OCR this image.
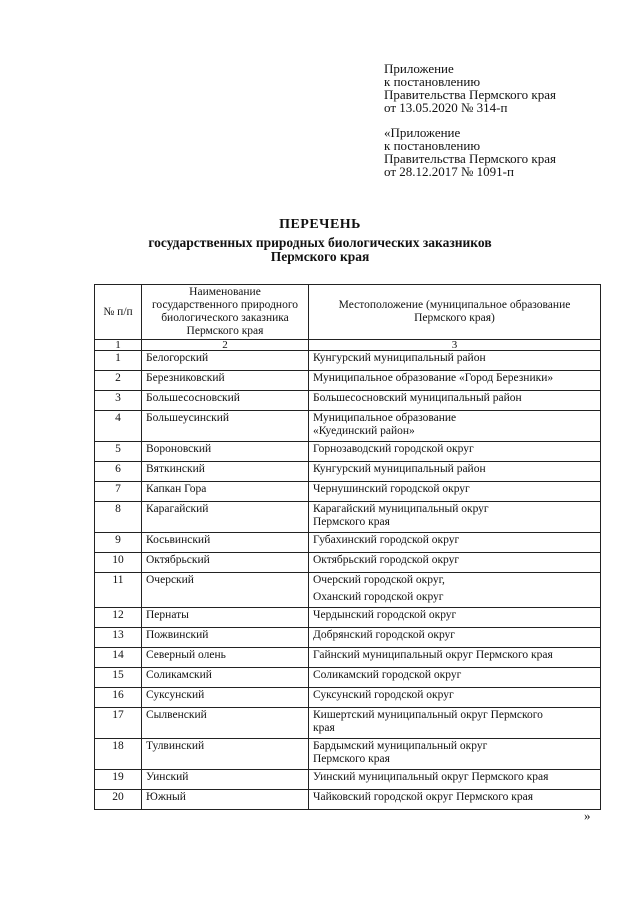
Приложение
к постановлению
Правительства Пермского края
от 13.05.2020 № 314-п
«Приложение
к постановлению
Правительства Пермского края
от 28.12.2017 № 1091-п
ПЕРЕЧЕНЬ
государственных природных биологических заказников
Пермского края
№ п/п	Наименование государственного природного биологического заказника Пермского края	Местоположение (муниципальное образование Пермского края)
1	2	3
1	Белогорский	Кунгурский муниципальный район

2	Березниковский	Муниципальное образование «Город Березники»

3	Большесосновский	Большесосновский муниципальный район

4	Большеусинский	Муниципальное образование
«Куединский район»

5	Вороновский	Горнозаводский городской округ

6	Вяткинский	Кунгурский муниципальный район

7	Капкан Гора	Чернушинский городской округ

8	Карагайский	Карагайский муниципальный округ
Пермского края

9	Косьвинский	Губахинский городской округ

10	Октябрьский	Октябрьский городской округ

11	Очерский	Очерский городской округ,
Оханский городской округ

12	Пернаты	Чердынский городской округ

13	Пожвинский	Добрянский городской округ

14	Северный олень	Гайнский муниципальный округ Пермского края

15	Соликамский	Соликамский городской округ

16	Суксунский	Суксунский городской округ

17	Сылвенский	Кишертский муниципальный округ Пермского
края

18	Тулвинский	Бардымский муниципальный округ
Пермского края

19	Уинский	Уинский муниципальный округ Пермского края

20	Южный	Чайковский городской округ Пермского края
»
